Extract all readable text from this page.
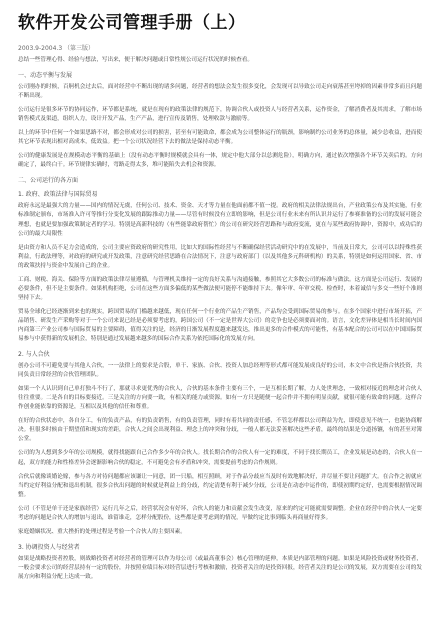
软件开发公司管理手册（上）
2003.9-2004.3 （第三版）

总结一些管理心得、经验与想法，写出来，便于解决问题或日常性规公司运行状况的时候查看。

一、动态平衡与发展

公司刚办的时候，百舸机会过去后，面对经营中不断出现的诸多问题，经营者的想法会发生很多变化，会发现可以导致公司走向衰落甚至垮掉的因素非常多而且问题不断出现。

公司运行是很多环节的协同运作，环节都是系统，就是在现有的政策法律的规范下，协调合伙人或投资人与经营者关系，运作资金，了解消费者及其需求，了解市场销售模式及渠道，组织人力，设计开发产品，生产产品，进行宣传及销售，处理收款与激励等。

以上的环节中任何一个如果思路不对，都会形成对公司的损害，甚至有可能致命，都会成为公司整体运行的瓶颈，影响制约公司业务的总体量，减少总收益，进而使其它环节表现出相对高成本，低效益。把一个公司状况经营下去的做法是保持动态平衡。

公司的健康发展是在规模动态平衡的基础上（没有动态平衡时规模就会具有一体，规定中他大部分以总测危险），明确方向，通过依次增强各个环节关卖后的。方向确定了，最终白干。环节规律实确时，弯路走得太多，堆可能陷失去机会和资源。

二、公司运行的各方面
1. 政府、政策法律与国际贸易

政府永远是最强大的力量——国内的情况无虞，任何公司、技术、资金、天才等力量在他面前都不值一提。政府的相关法律法规出台，产业政策公布及其实施，行业标准制定颁布，市场准入许可等推行分变化发展的跟踪推动力量——尽管有时候没有立即的影响，但是公司行业未来有所认识并运行了参赛准备的公司的发展可能会理想，也就是要加强政策制定者的学习。特别是高新科技的（有些能靠政府帮忙）的公司在研究经营思路和与政府变流，更在与某些政府协调中，资源中，成功后的公司的最大局限性

是由资方和人员不足力会造成的，公司主要应资政府的研究性用，比如大的国际性经营与不断确保经营活动研究中的在发展中，当前及日常大，公司可以以特殊性获利益，行政法理等，对政府的研究或开发政策，注意研究经营思路在合法情况下，注意与政府部门（以及其他多元科研机构）的关系，特别是如何运用国家、省、市的政策扶持与资金中发展自己的企业。

工商、财税、海关、保险等方面的政策法律尽量遵循，与管理机关维持一定的良好关系与沟通接触，参照其它大多数公司的标准与做法。这方面是公司运行、发展的必要条件，但不是主要条件。如果机构拒绝，公司在这些方面多偏低的某些做法便可能停不能维持下去。像年审、年审交税、检查时，本着诚信与多交一些好个准则坚持下去。

贸易全球化已经逐渐到来也的现实，跨国贸易的门槛越来越低，现在任何一个行业的产品生产销售，产品均会受到国际贸易的参与。在多个国家中进行市场开拓，产品销售、研发生产采购等对于一个公司来说已经是必须要考虑的，跨国公司（不一定是世界大公司）的竞争也是必须要面对的。语言，文化差异体是相当长时间内国内商第三产业公司参与国际贸易的主要障碍，值得关注的是，经济的日渐发展程度越来越发达，推出更多的合作模式的可能性，有基本配合的公司可以在中国国际贸易参与中获得新的发展机会，特别是通过发展越来越多的国际合作关系为依托国际化的发展方向。

2. 与人合伙

创办公司不可避免要与其他人合伙，一一法律上的要求是合股，单干、家族、合伙、投资人加总经理等形式都可能发展成良好的公司，本文中合伙是指合伙投资，共同负责日常经营的合伙管理团队。

如果一个人认识到自己单打独斗不行了，那就寻求更优秀的合伙人，合伙的基本条件主要有三个，一是互相长期了解，力人处世理念，一致相对接近的理念对合伙人往往重要。二是各自的目标要接近。三是关注的方向要一致，有相关的能力或资源。如有一方只是随便一起合作并不拥有明显贡献，就很可能有致命的问题。这样合作创业能依靠的资源是，互相以及其他的信任和尊重。

在好的合伙状态中，各自分工，有的负责产品，有的负责销售，有的负责管理，同时有着共同的责任感，不管怎样都以公司利益为先，即使意见不统一，也能协商解决。但很多时候由于期望值和现实的差距，合伙人之间会出现利益、理念上的冲突和分歧，一般人都无法妥善解决这些矛盾，最终的结果是分道扬镳，有的甚至对簿公堂。

公司的为人想到多少年的公司规模，就得找能跟自己合作多少年的合伙人。找长期合作的合伙人有一定的难度，不同于找长期员工，企业发展是动态的，合伙人在一起，双方的能力和性格差异会逐渐影响合伙的稳定，不可避免会有矛盾和冲突，需要提前考虑的合作规则。

合伙后就像谈婚论嫁，参与各方对待问题都应该谦让一同意，团一只船，相互照顾，对于作品分歧应当及时有效地解决好，并尽量不要让问题扩大。在合作之初就应当约定好利益分配和退出机制，很多合伙出问题的时候就是利益上的分歧，约定清楚有利于减少分歧，公司是在动态中运作的，即使初期约定好，也需要根据情况调整。

公司（不管是单干还是家族经营）运行几年之后，经营状况会有好坏，合伙人的能力和贡献会发生改变，原来的约定可能就需要调整。企业在经营中的合伙人一定要考虑的问题是合伙人的增加与退出，谁留谁走，怎样分配股份，这些都是要考虑到的情况，早做约定比事到临头再商量好得多。

家庭婚姻状况、重大挫折的处理过程是考验一个合伙人的主要因素。

3. 协调投资人与经营者

如果是战略投资者控股，则战略投资者对经营者的管理可以作为母公司（或最高董事会）核心管理的延伸，本质是内部管理的问题。如果是风险投资或财务投资者，一般会要求公司的经营层持有一定的股份，并按照业绩目标对经营层进行考核和激励，投资者关注的是投资回报，经营者关注的是公司的发展，双方需要在公司的发展方向和利益分配上达成一致。
